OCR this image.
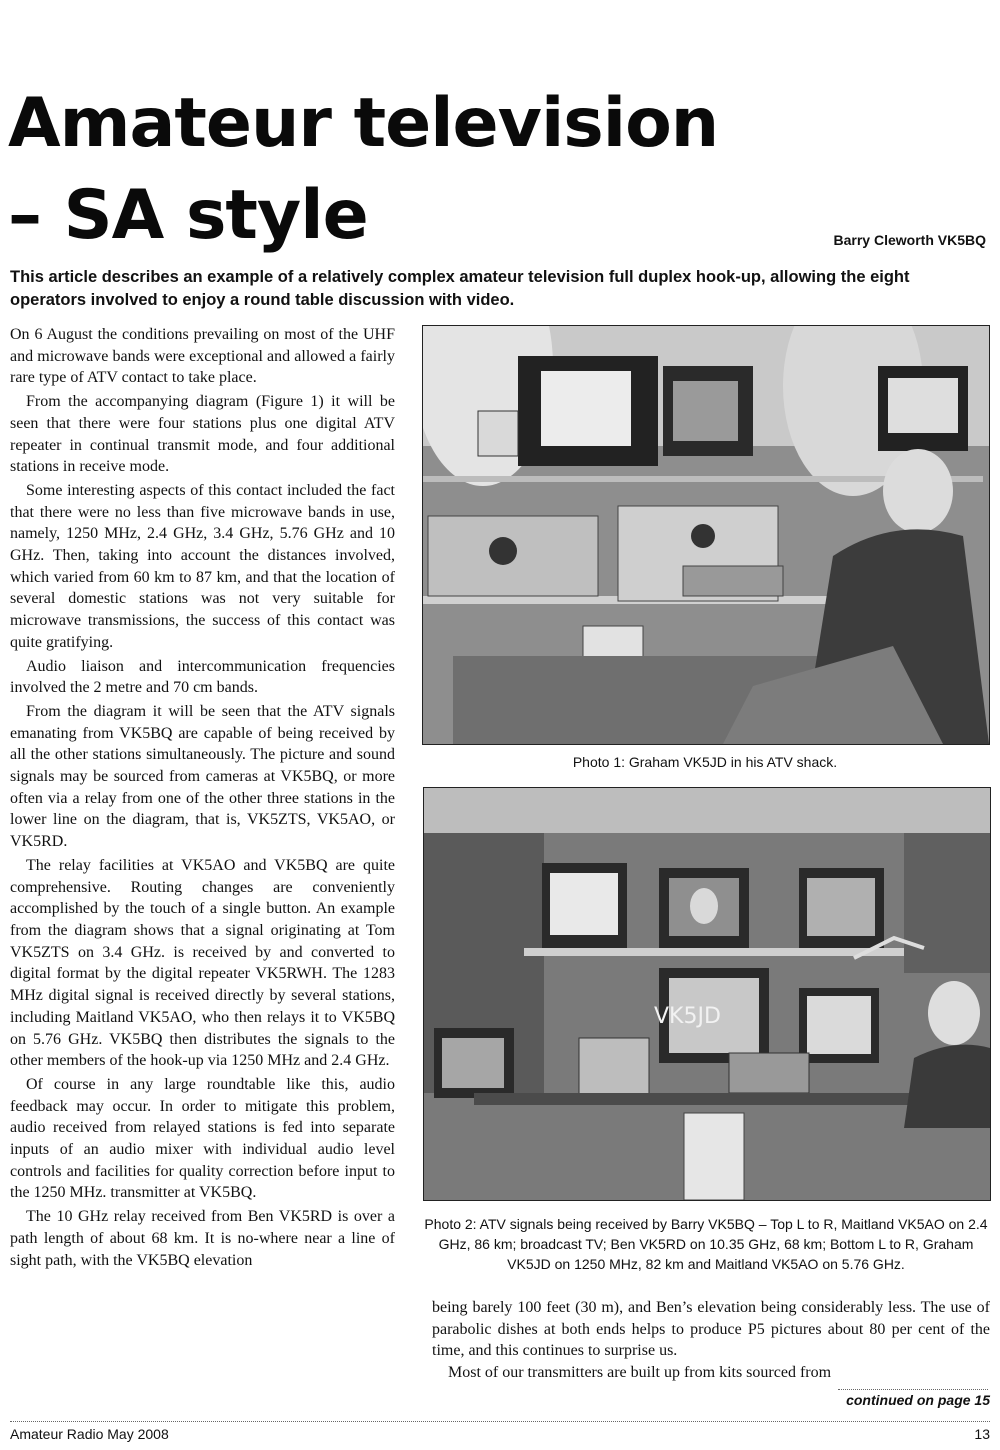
Amateur television
– SA style	Barry Cleworth VK5BQ

This article describes an example of a relatively complex amateur television full duplex hook-up, allowing the eight operators involved to enjoy a round table discussion with video.

On 6 August the conditions prevailing on most of the UHF and microwave bands were exceptional and allowed a fairly rare type of ATV contact to take place.

From the accompanying diagram (Figure 1) it will be seen that there were four stations plus one digital ATV repeater in continual transmit mode, and four additional stations in receive mode.

Some interesting aspects of this contact included the fact that there were no less than five microwave bands in use, namely, 1250 MHz, 2.4 GHz, 3.4 GHz, 5.76 GHz and 10 GHz. Then, taking into account the distances involved, which varied from 60 km to 87 km, and that the location of several domestic stations was not very suitable for microwave transmissions, the success of this contact was quite gratifying.

Audio liaison and intercommunication frequencies involved the 2 metre and 70 cm bands.

From the diagram it will be seen that the ATV signals emanating from VK5BQ are capable of being received by all the other stations simultaneously. The picture and sound signals may be sourced from cameras at VK5BQ, or more often via a relay from one of the other three stations in the lower line on the diagram, that is, VK5ZTS, VK5AO, or VK5RD.

The relay facilities at VK5AO and VK5BQ are quite comprehensive. Routing changes are conveniently accomplished by the touch of a single button. An example from the diagram shows that a signal originating at Tom VK5ZTS on 3.4 GHz. is received by and converted to digital format by the digital repeater VK5RWH. The 1283 MHz digital signal is received directly by several stations, including Maitland VK5AO, who then relays it to VK5BQ on 5.76 GHz. VK5BQ then distributes the signals to the other members of the hook-up via 1250 MHz and 2.4 GHz.

Of course in any large roundtable like this, audio feedback may occur. In order to mitigate this problem, audio received from relayed stations is fed into separate inputs of an audio mixer with individual audio level controls and facilities for quality correction before input to the 1250 MHz. transmitter at VK5BQ.

The 10 GHz relay received from Ben VK5RD is over a path length of about 68 km. It is no-where near a line of sight path, with the VK5BQ elevation

Photo 1: Graham VK5JD in his ATV shack.
VK5JD
Photo 2: ATV signals being received by Barry VK5BQ – Top L to R, Maitland VK5AO on 2.4 GHz, 86 km; broadcast TV; Ben VK5RD on 10.35 GHz, 68 km; Bottom L to R, Graham VK5JD on 1250 MHz, 82 km and Maitland VK5AO on 5.76 GHz.

being barely 100 feet (30 m), and Ben’s elevation being considerably less. The use of parabolic dishes at both ends helps to produce P5 pictures about 80 per cent of the time, and this continues to surprise us.

Most of our transmitters are built up from kits sourced from

continued on page 15
Amateur Radio May 2008	13
